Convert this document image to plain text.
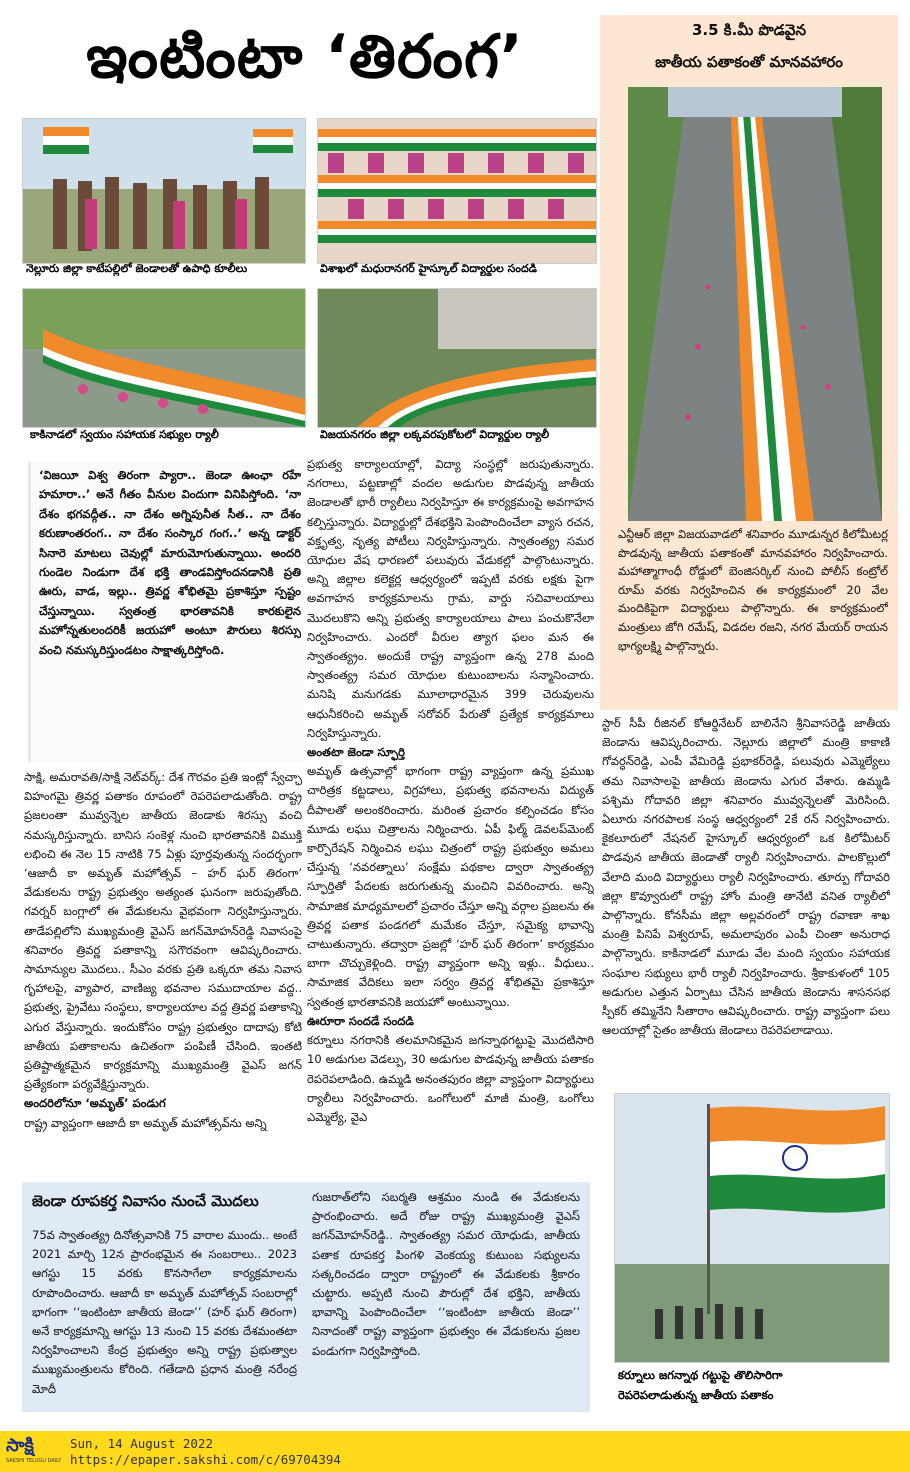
ఇంటింటా ‘తిరంగ’
నెల్లూరు జిల్లా కాటేపల్లిలో జెండాలతో ఉపాధి కూలీలు	విశాఖలో మధురానగర్ హైస్కూల్ విద్యార్థుల సందడి
కాకినాడలో స్వయం సహాయక సభ్యుల ర్యాలీ	విజయనగరం జిల్లా లక్కవరపుకోటలో విద్యార్థుల ర్యాలీ
‘విజయీ విశ్వ తిరంగా ప్యారా.. జెండా ఊంఛా రహే హమారా..’ అనే గీతం వీనుల విందుగా వినిపిస్తోంది. ‘నా దేశం భగవద్గీత.. నా దేశం అగ్నిపునీత సీత.. నా దేశం కరుణాంతరంగ.. నా దేశం సంస్కార గంగ..’ అన్న డాక్టర్ సినారె మాటలు చెవుల్లో మారుమోగుతున్నాయి. అందరి గుండెల నిండుగా దేశ భక్తి తాండవిస్తోందనడానికి ప్రతి ఊరు, వాడ, ఇల్లు.. త్రివర్ణ శోభితమై ప్రకాశిస్తూ స్పష్టం చేస్తున్నాయి. స్వతంత్ర భారతావనికి కారకులైన మహోన్నతులందరికీ జయహో అంటూ పౌరులు శిరస్సు వంచి నమస్కరిస్తుండటం సాక్షాత్కరిస్తోంది.

సాక్షి, అమరావతి/సాక్షి నెట్‌వర్క్: దేశ గౌరవం ప్రతి ఇంట్లో స్వేచ్ఛా విహంగమై త్రివర్ణ పతాకం రూపంలో రెపరెపలాడుతోంది. రాష్ట్ర ప్రజలంతా మువ్వన్నెల జాతీయ జెండాకు శిరస్సు వంచి నమస్కరిస్తున్నారు. బానిస సంకెళ్ల నుంచి భారతావనికి విముక్తి లభించి ఈ నెల 15 నాటికి 75 ఏళ్లు పూర్తవుతున్న సందర్భంగా ‘ఆజాదీ కా అమృత్ మహోత్సవ్ – హర్ ఘర్ తిరంగా’ వేడుకలను రాష్ట్ర ప్రభుత్వం అత్యంత ఘనంగా జరుపుతోంది. గవర్నర్ బంగ్లాలో ఈ వేడుకలను వైభవంగా నిర్వహిస్తున్నారు. తాడేపల్లిలోని ముఖ్యమంత్రి వైఎస్ జగన్‌మోహన్‌రెడ్డి నివాసంపై శనివారం త్రివర్ణ పతాకాన్ని సగౌరవంగా ఆవిష్కరించారు. సామాన్యుల మొదలు.. సీఎం వరకు ప్రతి ఒక్కరూ తమ నివాస గృహాలపై, వ్యాపార, వాణిజ్య భవనాల సముదాయాల వద్ద.. ప్రభుత్వ, ప్రైవేటు సంస్థలు, కార్యాలయాల వద్ద త్రివర్ణ పతాకాన్ని ఎగుర వేస్తున్నారు. ఇందుకోసం రాష్ట్ర ప్రభుత్వం దాదాపు కోటి జాతీయ పతాకాలను ఉచితంగా పంపిణీ చేసింది. ఇంతటి ప్రతిష్టాత్మకమైన కార్యక్రమాన్ని ముఖ్యమంత్రి వైఎస్ జగన్ ప్రత్యేకంగా పర్యవేక్షిస్తున్నారు.

అందరిలోనూ ‘అమృత్’ పండుగ

రాష్ట్ర వ్యాప్తంగా ఆజాదీ కా అమృత్ మహోత్సవ్‌ను అన్ని

ప్రభుత్వ కార్యాలయాల్లో, విద్యా సంస్థల్లో జరుపుతున్నారు. నగరాలు, పట్టణాల్లో వందల అడుగుల పొడవున్న జాతీయ జెండాలతో భారీ ర్యాలీలు నిర్వహిస్తూ ఈ కార్యక్రమంపై అవగాహన కల్పిస్తున్నారు. విద్యార్థుల్లో దేశభక్తిని పెంపొందించేలా వ్యాస రచన, వక్తృత్వ, నృత్య పోటీలు నిర్వహిస్తున్నారు. స్వాతంత్య్ర సమర యోధుల వేష ధారణలో పలువురు వేడుకల్లో పాల్గొంటున్నారు. అన్ని జిల్లాల కలెక్టర్ల ఆధ్వర్యంలో ఇప్పటి వరకు లక్షకు పైగా అవగాహన కార్యక్రమాలను గ్రామ, వార్డు సచివాలయాలు మొదలుకొని అన్ని ప్రభుత్వ కార్యాలయాలు పాలు పంచుకొనేలా నిర్వహించారు. ఎందరో వీరుల త్యాగ ఫలం మన ఈ స్వాతంత్య్రం. అందుకే రాష్ట్ర వ్యాప్తంగా ఉన్న 278 మంది స్వాతంత్య్ర సమర యోధుల కుటుంబాలను సన్మానించారు. మనిషి మనుగడకు మూలాధారమైన 399 చెరువులను ఆధునీకరించి అమృత్ సరోవర్ పేరుతో ప్రత్యేక కార్యక్రమాలు నిర్వహిస్తున్నారు.

అంతటా జెండా స్ఫూర్తి

అమృత్ ఉత్సవాల్లో భాగంగా రాష్ట్ర వ్యాప్తంగా ఉన్న ప్రముఖ చారిత్రక కట్టడాలు, విగ్రహాలు, ప్రభుత్వ భవనాలను విద్యుత్ దీపాలతో అలంకరించారు. మరింత ప్రచారం కల్పించడం కోసం మూడు లఘు చిత్రాలను నిర్మించారు. ఏపీ ఫిల్మ్ డెవలప్‌మెంట్ కార్పొరేషన్ నిర్మించిన లఘు చిత్రంలో రాష్ట్ర ప్రభుత్వం అమలు చేస్తున్న ‘నవరత్నాలు’ సంక్షేమ పథకాల ద్వారా స్వాతంత్య్ర స్ఫూర్తితో పేదలకు జరుగుతున్న మంచిని వివరించారు. అన్ని సామాజిక మాధ్యమాలలో ప్రచారం చేస్తూ అన్ని వర్గాల ప్రజలను ఈ త్రివర్ణ పతాక పండగలో మమేకం చేస్తూ, సమైక్య భావాన్ని చాటుతున్నారు. తద్వారా ప్రజల్లో ‘హర్ ఘర్ తిరంగా’ కార్యక్రమం బాగా చొచ్చుకెళ్లింది. రాష్ట్ర వ్యాప్తంగా అన్ని ఇళ్లు.. వీధులు.. సామాజిక వేదికలు ఇలా సర్వం త్రివర్ణ శోభితమై ప్రకాశిస్తూ స్వతంత్ర భారతావనికి జయహో అంటున్నాయి.

ఊరూరా సందడే సందడి

కర్నూలు నగరానికి తలమానికమైన జగన్నాథగట్టుపై మొదటిసారి 10 అడుగుల వెడల్పు, 30 అడుగుల పొడవున్న జాతీయ పతాకం రెపరెపలాడింది. ఉమ్మడి అనంతపురం జిల్లా వ్యాప్తంగా విద్యార్థులు ర్యాలీలు నిర్వహించారు. ఒంగోలులో మాజీ మంత్రి, ఒంగోలు ఎమ్మెల్యే, వైఎ

3.5 కి.మీ పొడవైన
జాతీయ పతాకంతో మానవహారం
ఎన్టీఆర్ జిల్లా విజయవాడలో శనివారం మూడున్నర కిలోమీటర్ల పొడవున్న జాతీయ పతాకంతో మానవహారం నిర్వహించారు. మహాత్మాగాంధీ రోడ్డులో బెంజిసర్కిల్ నుంచి పోలీస్ కంట్రోల్ రూమ్ వరకు నిర్వహించిన ఈ కార్యక్రమంలో 20 వేల మందికిపైగా విద్యార్థులు పాల్గొన్నారు. ఈ కార్యక్రమంలో మంత్రులు జోగి రమేష్, విడదల రజని, నగర మేయర్ రాయన భాగ్యలక్ష్మి పాల్గొన్నారు.

స్టార్ సీపీ రీజినల్ కోఆర్డినేటర్ బాలినేని శ్రీనివాసరెడ్డి జాతీయ జెండాను ఆవిష్కరించారు. నెల్లూరు జిల్లాలో మంత్రి కాకాణి గోవర్ధన్‌రెడ్డి, ఎంపీ వేమిరెడ్డి ప్రభాకర్‌రెడ్డి, పలువురు ఎమ్మెల్యేలు తమ నివాసాలపై జాతీయ జెండాను ఎగుర వేశారు. ఉమ్మడి పశ్చిమ గోదావరి జిల్లా శనివారం మువ్వన్నెలతో మెరిసింది. ఏలూరు నగరపాలక సంస్థ ఆధ్వర్యంలో 2కే రన్ నిర్వహించారు. కైకలూరులో నేషనల్ హైస్కూల్ ఆధ్వర్యంలో ఒక కిలోమీటర్ పొడవున జాతీయ జెండాతో ర్యాలీ నిర్వహించారు. పాలకొల్లులో వేలాది మంది విద్యార్థులు ర్యాలీ నిర్వహించారు. తూర్పు గోదావరి జిల్లా కొవ్వూరులో రాష్ట్ర హోం మంత్రి తానేటి వనిత ర్యాలీలో పాల్గొన్నారు. కోనసీమ జిల్లా అల్లవరంలో రాష్ట్ర రవాణా శాఖ మంత్రి పినిపే విశ్వరూప్, అమలాపురం ఎంపీ చింతా అనురాధ పాల్గొన్నారు. కాకినాడలో మూడు వేల మంది స్వయం సహాయక సంఘాల సభ్యులు భారీ ర్యాలీ నిర్వహించారు. శ్రీకాకుళంలో 105 అడుగుల ఎత్తున ఏర్పాటు చేసిన జాతీయ జెండాను శాసనసభ స్పీకర్ తమ్మినేని సీతారాం ఆవిష్కరించారు. రాష్ట్ర వ్యాప్తంగా పలు ఆలయాల్లో సైతం జాతీయ జెండాలు రెపరెపలాడాయి.

కర్నూలు జగన్నాథ గట్టుపై తొలిసారిగా
రెపరెపలాడుతున్న జాతీయ పతాకం
జెండా రూపకర్త నివాసం నుంచే మొదలు
75వ స్వాతంత్య్ర దినోత్సవానికి 75 వారాల ముందు.. అంటే 2021 మార్చి 12న ప్రారంభమైన ఈ సంబరాలు.. 2023 ఆగస్టు 15 వరకు కొనసాగేలా కార్యక్రమాలను రూపొందించారు. ఆజాదీ కా అమృత్ మహోత్సవ్ సంబరాల్లో భాగంగా ‘‘ఇంటింటా జాతీయ జెండా’’ (హర్ ఘర్ తిరంగా) అనే కార్యక్రమాన్ని ఆగస్టు 13 నుంచి 15 వరకు దేశమంతటా నిర్వహించాలని కేంద్ర ప్రభుత్వం అన్ని రాష్ట్ర ప్రభుత్వాల ముఖ్యమంత్రులను కోరింది. గతేడాది ప్రధాన మంత్రి నరేంద్ర మోదీ
గుజరాత్‌లోని సబర్మతి ఆశ్రమం నుండి ఈ వేడుకలను ప్రారంభించారు. అదే రోజు రాష్ట్ర ముఖ్యమంత్రి వైఎస్ జగన్‌మోహన్‌రెడ్డి.. స్వాతంత్య్ర సమర యోధుడు, జాతీయ పతాక రూపకర్త పింగళి వెంకయ్య కుటుంబ సభ్యులను సత్కరించడం ద్వారా రాష్ట్రంలో ఈ వేడుకలకు శ్రీకారం చుట్టారు. అప్పటి నుంచి పౌరుల్లో దేశ భక్తిని, జాతీయ భావాన్ని పెంపొందించేలా ‘‘ఇంటింటా జాతీయ జెండా’’ నినాదంతో రాష్ట్ర వ్యాప్తంగా ప్రభుత్వం ఈ వేడుకలను ప్రజల పండుగగా నిర్వహిస్తోంది.
సాక్షి
SAKSHI TELUGU DAILY
Sun, 14 August 2022
https://epaper.sakshi.com/c/69704394
